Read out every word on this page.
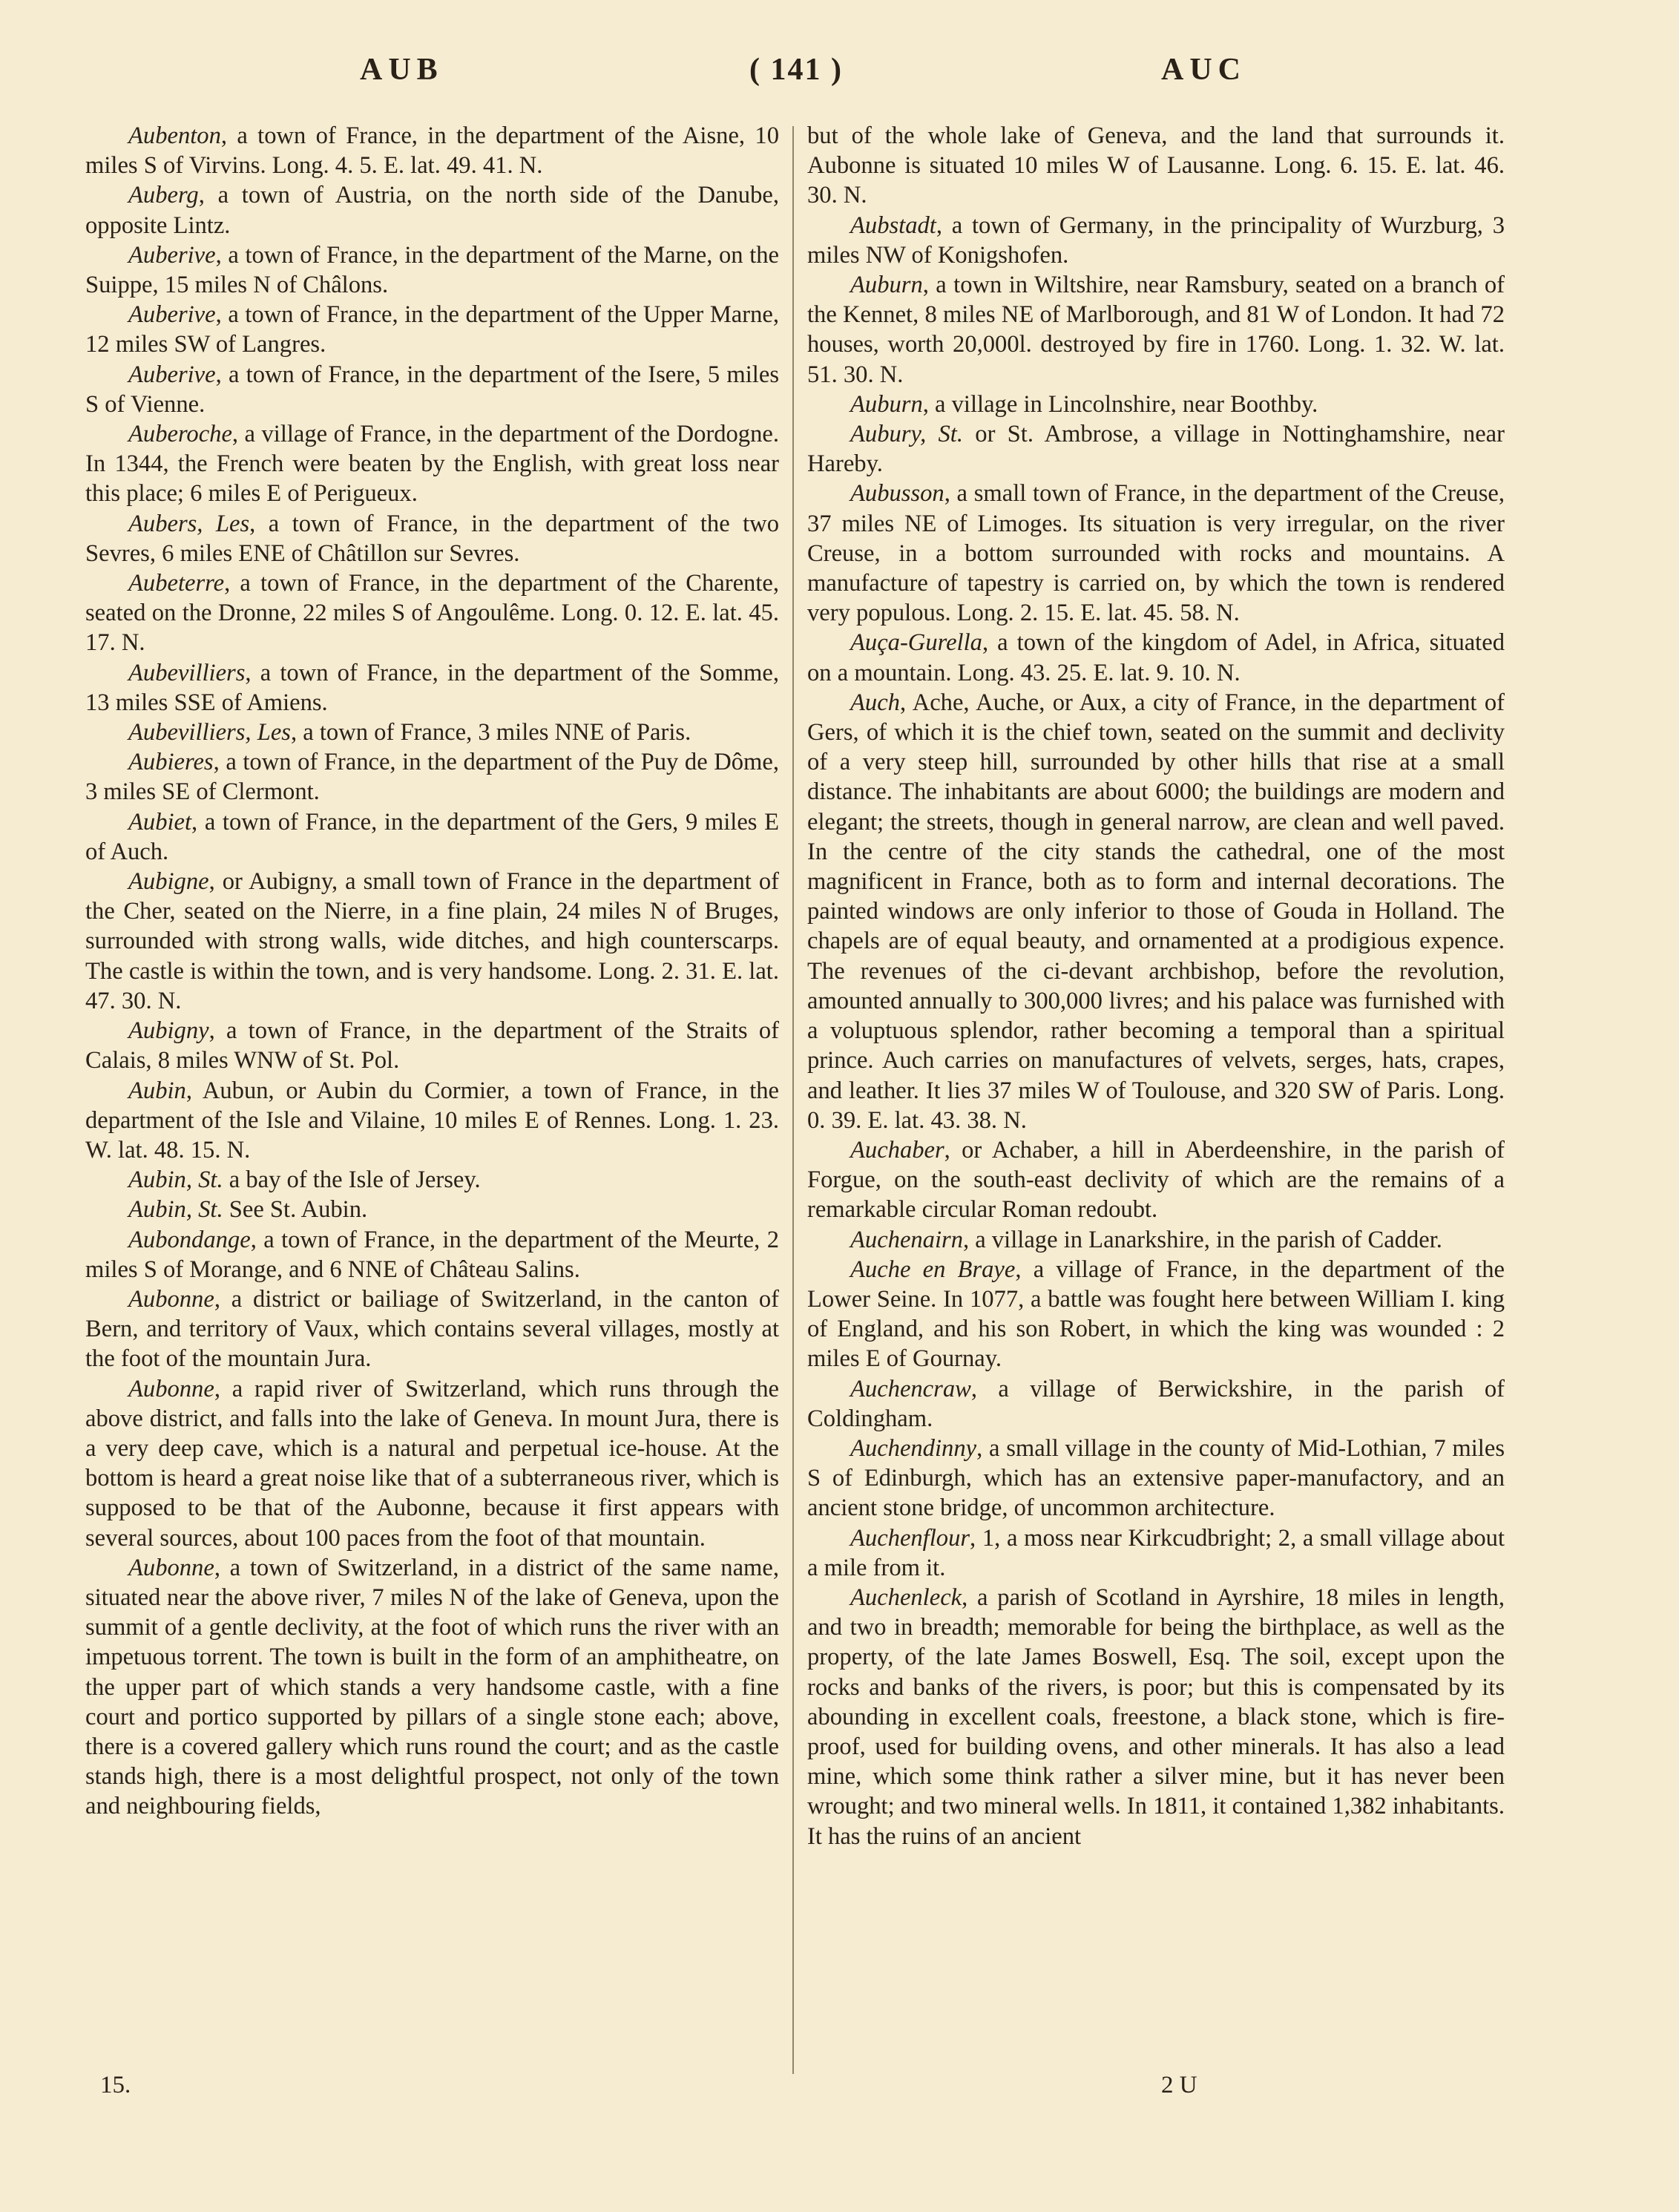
AUB	( 141 )	AUC

Aubenton, a town of France, in the department of the Aisne, 10 miles S of Virvins. Long. 4. 5. E. lat. 49. 41. N.

Auberg, a town of Austria, on the north side of the Danube, opposite Lintz.

Auberive, a town of France, in the department of the Marne, on the Suippe, 15 miles N of Châlons.

Auberive, a town of France, in the department of the Upper Marne, 12 miles SW of Langres.

Auberive, a town of France, in the department of the Isere, 5 miles S of Vienne.

Auberoche, a village of France, in the department of the Dordogne. In 1344, the French were beaten by the English, with great loss near this place; 6 miles E of Perigueux.

Aubers, Les, a town of France, in the department of the two Sevres, 6 miles ENE of Châtillon sur Sevres.

Aubeterre, a town of France, in the department of the Charente, seated on the Dronne, 22 miles S of Angoulême. Long. 0. 12. E. lat. 45. 17. N.

Aubevilliers, a town of France, in the department of the Somme, 13 miles SSE of Amiens.

Aubevilliers, Les, a town of France, 3 miles NNE of Paris.

Aubieres, a town of France, in the department of the Puy de Dôme, 3 miles SE of Clermont.

Aubiet, a town of France, in the department of the Gers, 9 miles E of Auch.

Aubigne, or Aubigny, a small town of France in the department of the Cher, seated on the Nierre, in a fine plain, 24 miles N of Bruges, surrounded with strong walls, wide ditches, and high counterscarps. The castle is within the town, and is very handsome. Long. 2. 31. E. lat. 47. 30. N.

Aubigny, a town of France, in the department of the Straits of Calais, 8 miles WNW of St. Pol.

Aubin, Aubun, or Aubin du Cormier, a town of France, in the department of the Isle and Vilaine, 10 miles E of Rennes. Long. 1. 23. W. lat. 48. 15. N.

Aubin, St. a bay of the Isle of Jersey.

Aubin, St. See St. Aubin.

Aubondange, a town of France, in the department of the Meurte, 2 miles S of Morange, and 6 NNE of Château Salins.

Aubonne, a district or bailiage of Switzerland, in the canton of Bern, and territory of Vaux, which contains several villages, mostly at the foot of the mountain Jura.

Aubonne, a rapid river of Switzerland, which runs through the above district, and falls into the lake of Geneva. In mount Jura, there is a very deep cave, which is a natural and perpetual ice-house. At the bottom is heard a great noise like that of a subterraneous river, which is supposed to be that of the Aubonne, because it first appears with several sources, about 100 paces from the foot of that mountain.

Aubonne, a town of Switzerland, in a district of the same name, situated near the above river, 7 miles N of the lake of Geneva, upon the summit of a gentle declivity, at the foot of which runs the river with an impetuous torrent. The town is built in the form of an amphitheatre, on the upper part of which stands a very handsome castle, with a fine court and portico supported by pillars of a single stone each; above, there is a covered gallery which runs round the court; and as the castle stands high, there is a most delightful prospect, not only of the town and neighbouring fields,

but of the whole lake of Geneva, and the land that surrounds it. Aubonne is situated 10 miles W of Lausanne. Long. 6. 15. E. lat. 46. 30. N.

Aubstadt, a town of Germany, in the principality of Wurzburg, 3 miles NW of Konigshofen.

Auburn, a town in Wiltshire, near Ramsbury, seated on a branch of the Kennet, 8 miles NE of Marlborough, and 81 W of London. It had 72 houses, worth 20,000l. destroyed by fire in 1760. Long. 1. 32. W. lat. 51. 30. N.

Auburn, a village in Lincolnshire, near Boothby.

Aubury, St. or St. Ambrose, a village in Nottinghamshire, near Hareby.

Aubusson, a small town of France, in the department of the Creuse, 37 miles NE of Limoges. Its situation is very irregular, on the river Creuse, in a bottom surrounded with rocks and mountains. A manufacture of tapestry is carried on, by which the town is rendered very populous. Long. 2. 15. E. lat. 45. 58. N.

Auça-Gurella, a town of the kingdom of Adel, in Africa, situated on a mountain. Long. 43. 25. E. lat. 9. 10. N.

Auch, Ache, Auche, or Aux, a city of France, in the department of Gers, of which it is the chief town, seated on the summit and declivity of a very steep hill, surrounded by other hills that rise at a small distance. The inhabitants are about 6000; the buildings are modern and elegant; the streets, though in general narrow, are clean and well paved. In the centre of the city stands the cathedral, one of the most magnificent in France, both as to form and internal decorations. The painted windows are only inferior to those of Gouda in Holland. The chapels are of equal beauty, and ornamented at a prodigious expence. The revenues of the ci-devant archbishop, before the revolution, amounted annually to 300,000 livres; and his palace was furnished with a voluptuous splendor, rather becoming a temporal than a spiritual prince. Auch carries on manufactures of velvets, serges, hats, crapes, and leather. It lies 37 miles W of Toulouse, and 320 SW of Paris. Long. 0. 39. E. lat. 43. 38. N.

Auchaber, or Achaber, a hill in Aberdeenshire, in the parish of Forgue, on the south-east declivity of which are the remains of a remarkable circular Roman redoubt.

Auchenairn, a village in Lanarkshire, in the parish of Cadder.

Auche en Braye, a village of France, in the department of the Lower Seine. In 1077, a battle was fought here between William I. king of England, and his son Robert, in which the king was wounded : 2 miles E of Gournay.

Auchencraw, a village of Berwickshire, in the parish of Coldingham.

Auchendinny, a small village in the county of Mid-Lothian, 7 miles S of Edinburgh, which has an extensive paper-manufactory, and an ancient stone bridge, of uncommon architecture.

Auchenflour, 1, a moss near Kirkcudbright; 2, a small village about a mile from it.

Auchenleck, a parish of Scotland in Ayrshire, 18 miles in length, and two in breadth; memorable for being the birthplace, as well as the property, of the late James Boswell, Esq. The soil, except upon the rocks and banks of the rivers, is poor; but this is compensated by its abounding in excellent coals, freestone, a black stone, which is fire-proof, used for building ovens, and other minerals. It has also a lead mine, which some think rather a silver mine, but it has never been wrought; and two mineral wells. In 1811, it contained 1,382 inhabitants. It has the ruins of an ancient

15.	2 U
